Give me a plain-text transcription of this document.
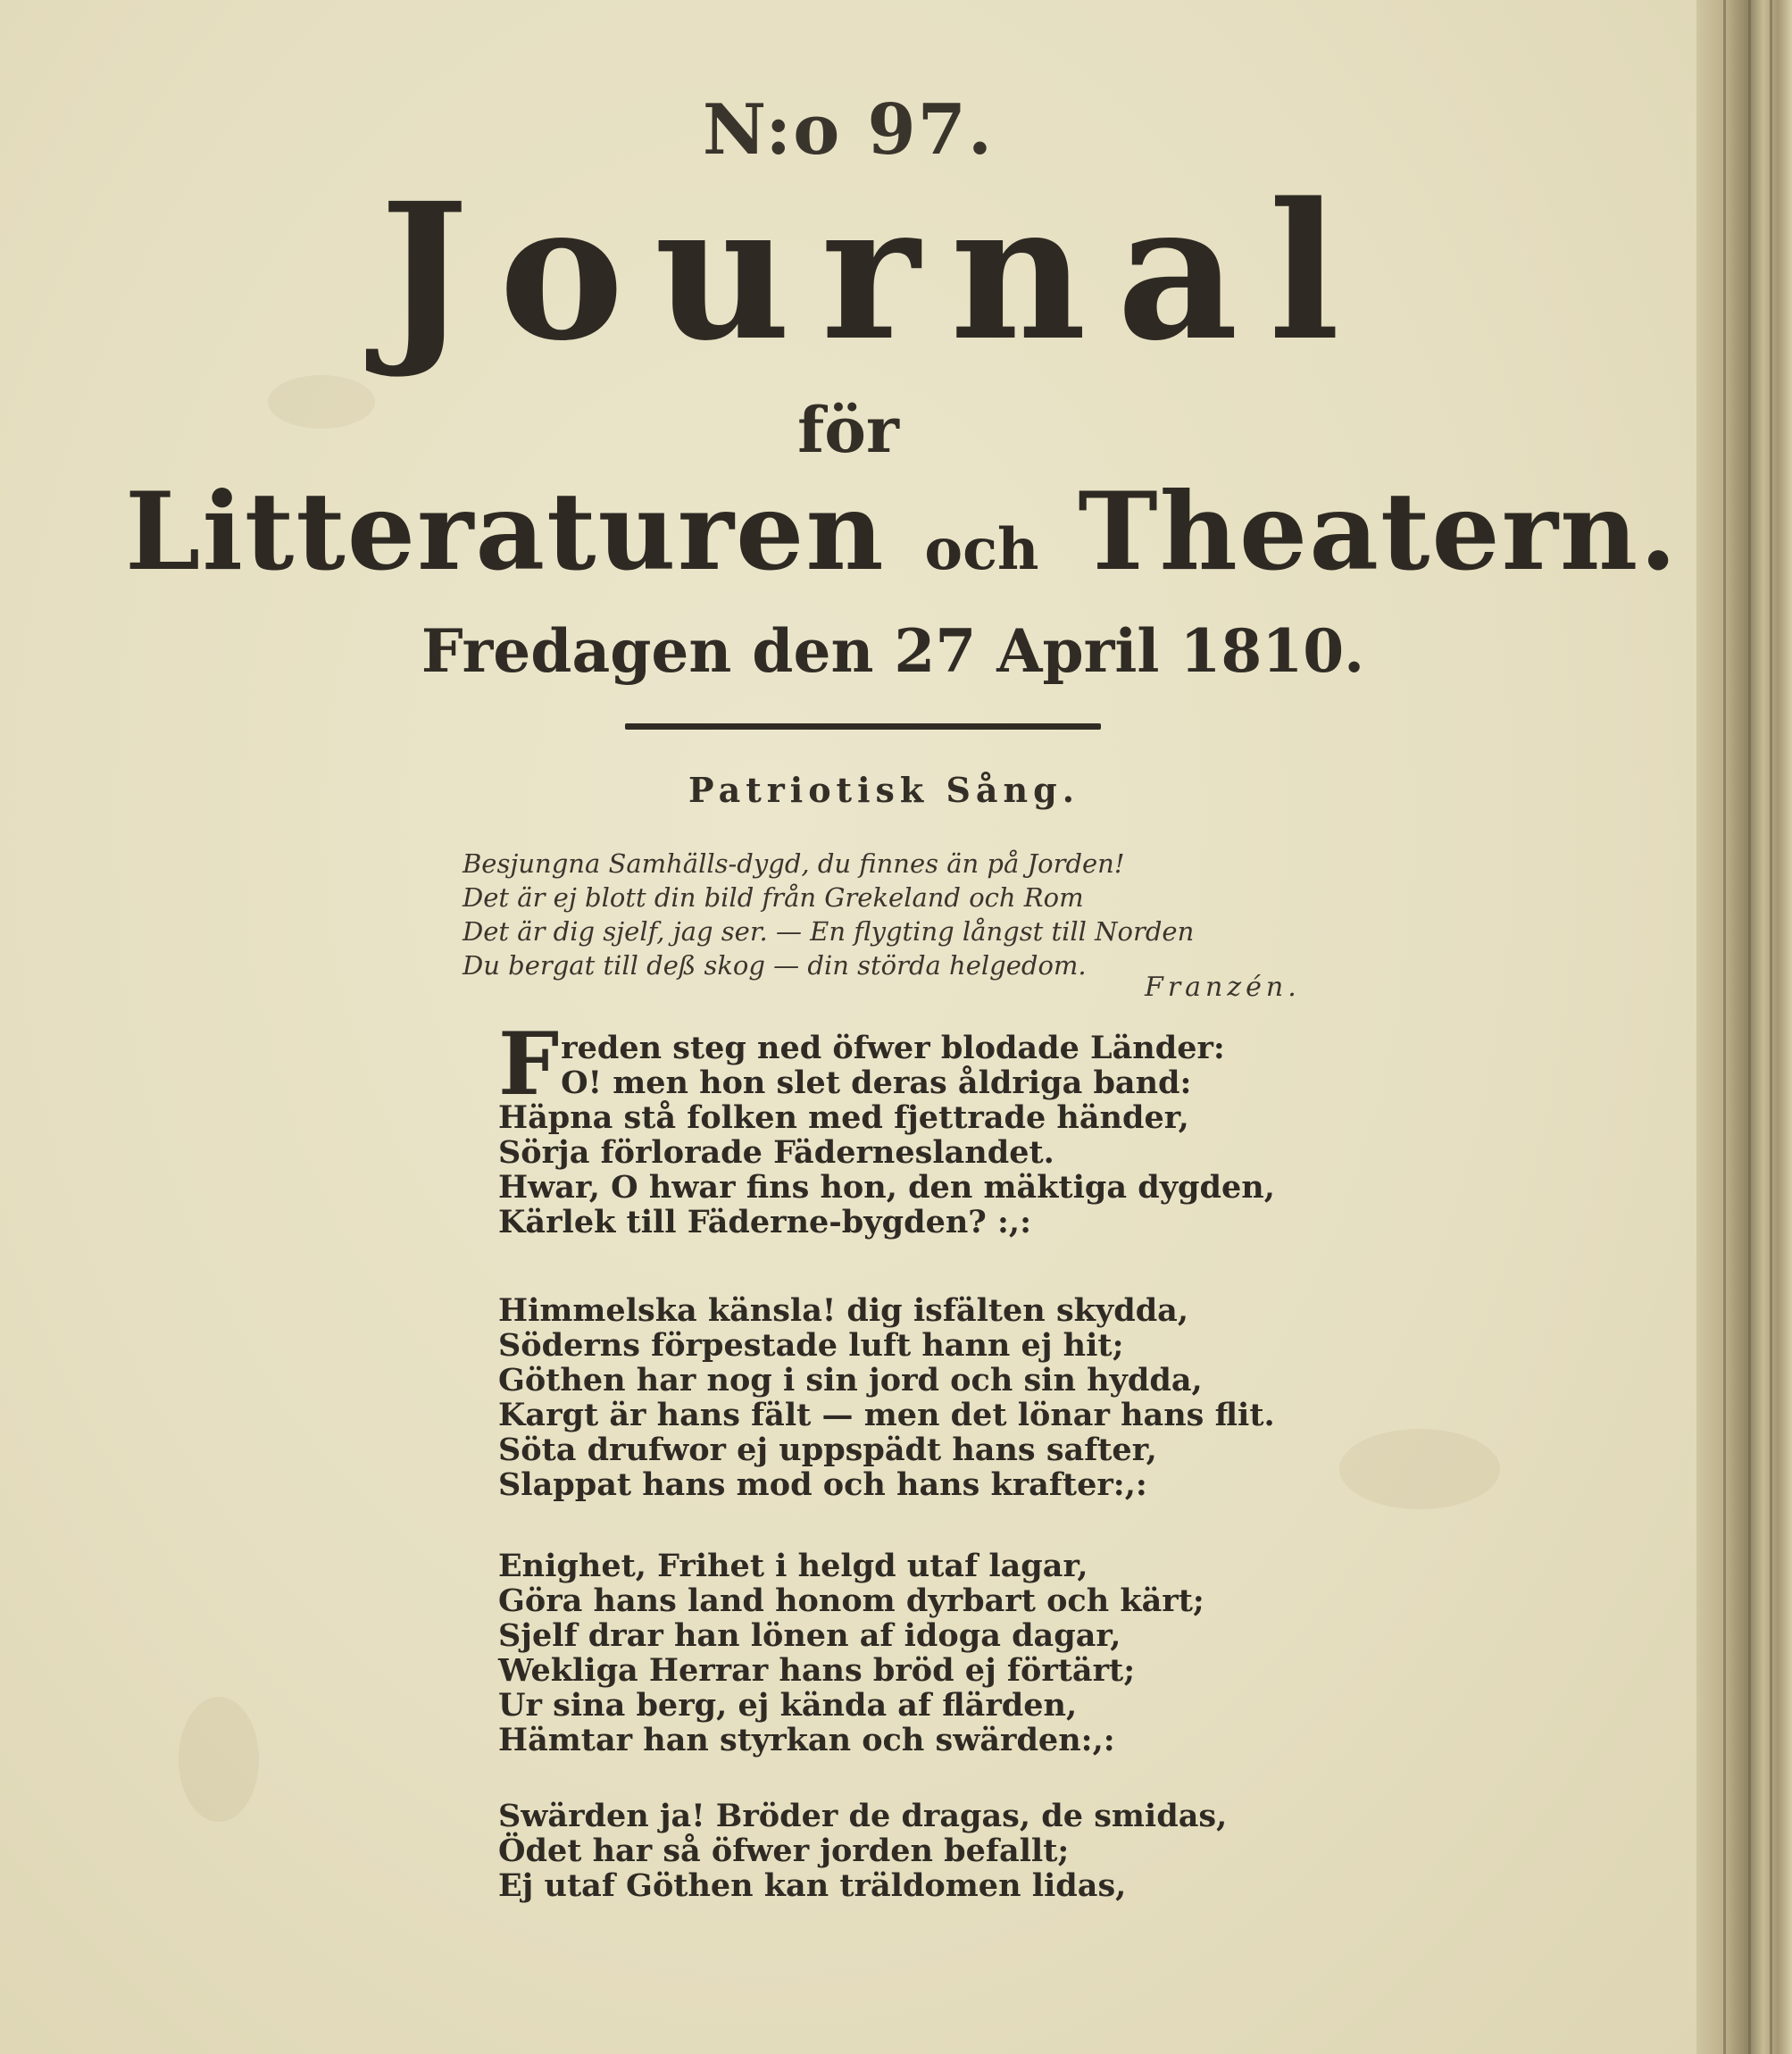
N:o 97.
Journal
för
Litteraturen och Theatern.
Fredagen den 27 April 1810.
Patriotisk Sång.
Besjungna Samhälls-dygd, du finnes än på Jorden!
Det är ej blott din bild från Grekeland och Rom
Det är dig sjelf, jag ser. — En flygting långst till Norden
Du bergat till deß skog — din störda helgedom.
Franzén.
F reden steg ned öfwer blodade Länder:
O! men hon slet deras åldriga band:
Häpna stå folken med fjettrade händer,
Sörja förlorade Fäderneslandet.
Hwar, O hwar fins hon, den mäktiga dygden,
Kärlek till Fäderne-bygden? :,:
Himmelska känsla! dig isfälten skydda,
Söderns förpestade luft hann ej hit;
Göthen har nog i sin jord och sin hydda,
Kargt är hans fält — men det lönar hans flit.
Söta drufwor ej uppspädt hans safter,
Slappat hans mod och hans krafter:,:
Enighet, Frihet i helgd utaf lagar,
Göra hans land honom dyrbart och kärt;
Sjelf drar han lönen af idoga dagar,
Wekliga Herrar hans bröd ej förtärt;
Ur sina berg, ej kända af flärden,
Hämtar han styrkan och swärden:,:
Swärden ja! Bröder de dragas, de smidas,
Ödet har så öfwer jorden befallt;
Ej utaf Göthen kan träldomen lidas,
